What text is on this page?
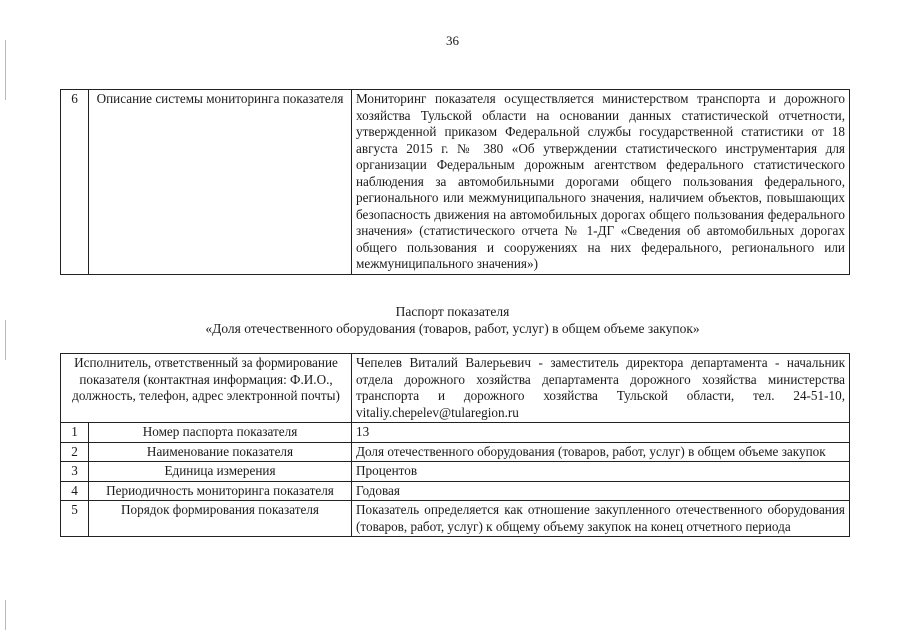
36
6	Описание системы мониторинга показателя	Мониторинг показателя осуществляется министерством транспорта и дорожного хозяйства Тульской области на основании данных статистической отчетности, утвержденной приказом Федеральной службы государственной статистики от 18 августа 2015 г. № 380 «Об утверждении статистического инструментария для организации Федеральным дорожным агентством федерального статистического наблюдения за автомобильными дорогами общего пользования федерального, регионального или межмуниципального значения, наличием объектов, повышающих безопасность движения на автомобильных дорогах общего пользования федерального значения» (статистического отчета № 1-ДГ «Сведения об автомобильных дорогах общего пользования и сооружениях на них федерального, регионального или межмуниципального значения»)
Паспорт показателя
«Доля отечественного оборудования (товаров, работ, услуг) в общем объеме закупок»
Исполнитель, ответственный за формирование показателя (контактная информация: Ф.И.О., должность, телефон, адрес электронной почты)		Чепелев Виталий Валерьевич - заместитель директора департамента - начальник отдела дорожного хозяйства департамента дорожного хозяйства министерства транспорта и дорожного хозяйства Тульской области, тел. 24-51-10, vitaliy.chepelev@tularegion.ru
1	Номер паспорта показателя	13
2	Наименование показателя	Доля отечественного оборудования (товаров, работ, услуг) в общем объеме закупок
3	Единица измерения	Процентов
4	Периодичность мониторинга показателя	Годовая
5	Порядок формирования показателя	Показатель определяется как отношение закупленного отечественного оборудования (товаров, работ, услуг) к общему объему закупок на конец отчетного периода
